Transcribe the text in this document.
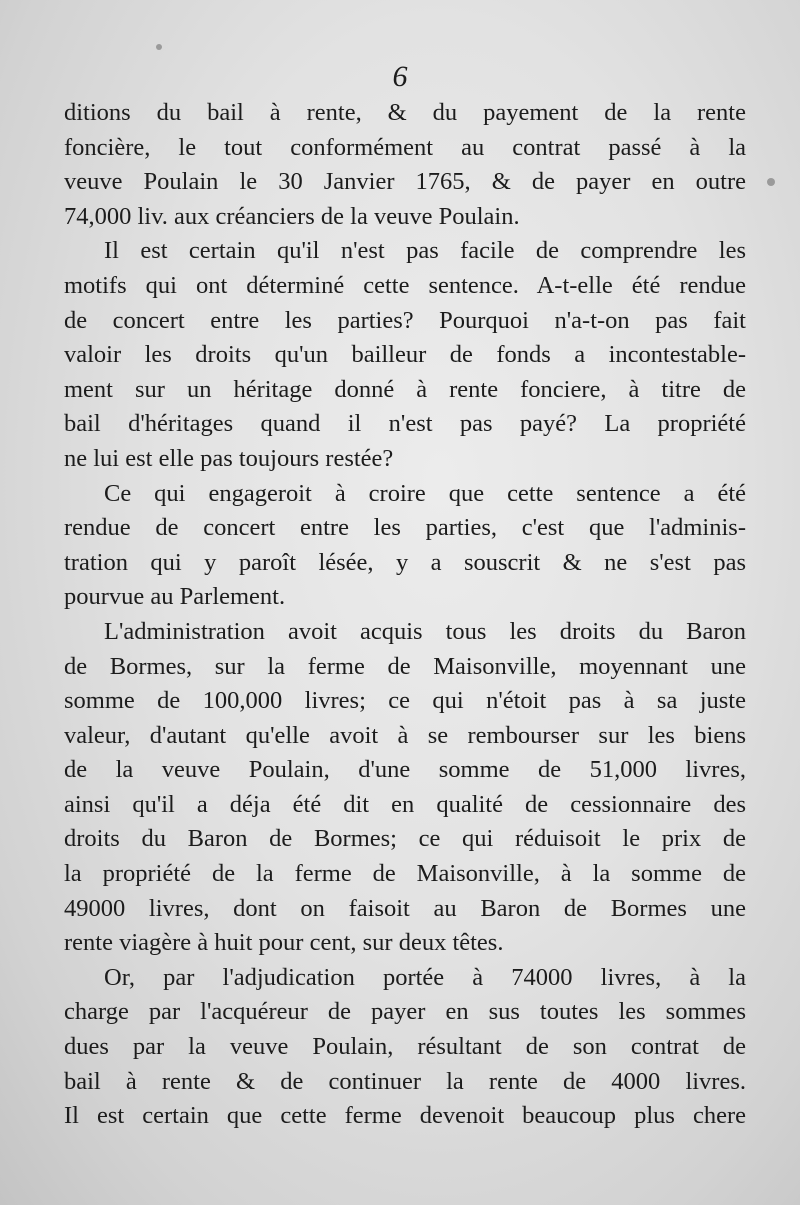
6
ditions du bail à rente, & du payement de la rente
foncière, le tout conformément au contrat passé à la
veuve Poulain le 30 Janvier 1765, & de payer en outre
74,000 liv. aux créanciers de la veuve Poulain.
Il est certain qu'il n'est pas facile de comprendre les
motifs qui ont déterminé cette sentence. A-t-elle été rendue
de concert entre les parties? Pourquoi n'a-t-on pas fait
valoir les droits qu'un bailleur de fonds a incontestable-
ment sur un héritage donné à rente fonciere, à titre de
bail d'héritages quand il n'est pas payé? La propriété
ne lui est elle pas toujours restée?
Ce qui engageroit à croire que cette sentence a été
rendue de concert entre les parties, c'est que l'adminis-
tration qui y paroît lésée, y a souscrit & ne s'est pas
pourvue au Parlement.
L'administration avoit acquis tous les droits du Baron
de Bormes, sur la ferme de Maisonville, moyennant une
somme de 100,000 livres; ce qui n'étoit pas à sa juste
valeur, d'autant qu'elle avoit à se rembourser sur les biens
de la veuve Poulain, d'une somme de 51,000 livres,
ainsi qu'il a déja été dit en qualité de cessionnaire des
droits du Baron de Bormes; ce qui réduisoit le prix de
la propriété de la ferme de Maisonville, à la somme de
49000 livres, dont on faisoit au Baron de Bormes une
rente viagère à huit pour cent, sur deux têtes.
Or, par l'adjudication portée à 74000 livres, à la
charge par l'acquéreur de payer en sus toutes les sommes
dues par la veuve Poulain, résultant de son contrat de
bail à rente & de continuer la rente de 4000 livres.
Il est certain que cette ferme devenoit beaucoup plus chere
